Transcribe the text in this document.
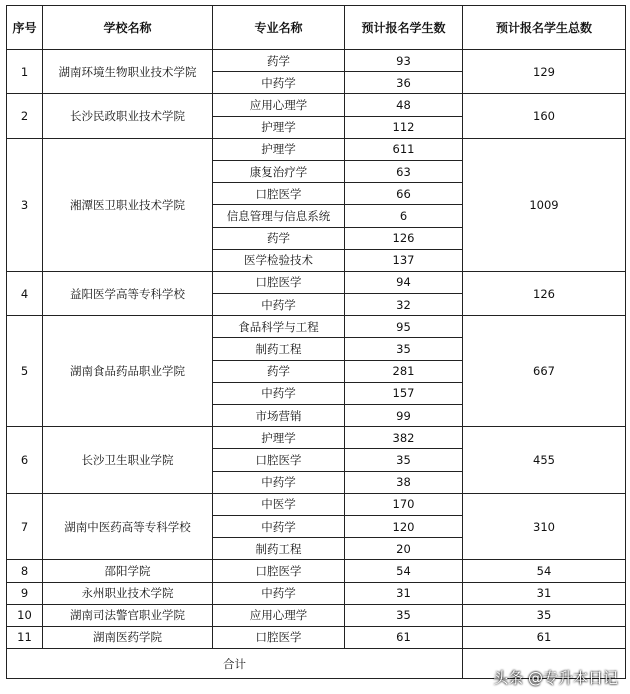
序号	学校名称	专业名称	预计报名学生数	预计报名学生总数
1	湖南环境生物职业技术学院	药学	93	129
		中药学	36	
2	长沙民政职业技术学院	应用心理学	48	160
		护理学	112	
3	湘潭医卫职业技术学院	护理学	611	1009
		康复治疗学	63	
		口腔医学	66	
		信息管理与信息系统	6	
		药学	126	
		医学检验技术	137	
4	益阳医学高等专科学校	口腔医学	94	126
		中药学	32	
5	湖南食品药品职业学院	食品科学与工程	95	667
		制药工程	35	
		药学	281	
		中药学	157	
		市场营销	99	
6	长沙卫生职业学院	护理学	382	455
		口腔医学	35	
		中药学	38	
7	湖南中医药高等专科学校	中医学	170	310
		中药学	120	
		制药工程	20	
8	邵阳学院	口腔医学	54	54
9	永州职业技术学院	中药学	31	31
10	湖南司法警官职业学院	应用心理学	35	35
11	湖南医药学院	口腔医学	61	61
合计				
头条 @专升本日记
